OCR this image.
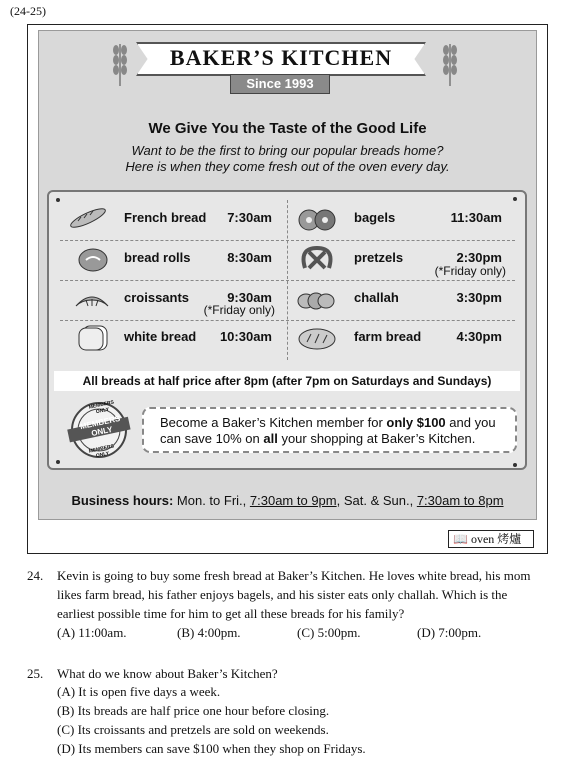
(24-25)
BAKER’S KITCHEN
Since 1993
We Give You the Taste of the Good Life
Want to be the first to bring our popular breads home?
Here is when they come fresh out of the oven every day.
French bread	7:30am
bread rolls	8:30am
croissants	9:30am
(*Friday only)
white bread	10:30am
bagels	11:30am
pretzels	2:30pm
(*Friday only)
challah	3:30pm
farm bread	4:30pm
All breads at half price after 8pm (after 7pm on Saturdays and Sundays)
MEMBERS ONLY
MEMBERS ONLY
MEMBERS ONLY
Become a Baker’s Kitchen member for only $100 and you
can save 10% on all your shopping at Baker’s Kitchen.
Business hours: Mon. to Fri., 7:30am to 9pm, Sat. & Sun., 7:30am to 8pm
📖 oven 烤爐
24. Kevin is going to buy some fresh bread at Baker’s Kitchen. He loves white bread, his mom
likes farm bread, his father enjoys bagels, and his sister eats only challah. Which is the
earliest possible time for him to get all these breads for his family?
(A) 11:00am.	(B) 4:00pm.	(C) 5:00pm.	(D) 7:00pm.
25. What do we know about Baker’s Kitchen?
(A) It is open five days a week.
(B) Its breads are half price one hour before closing.
(C) Its croissants and pretzels are sold on weekends.
(D) Its members can save $100 when they shop on Fridays.
